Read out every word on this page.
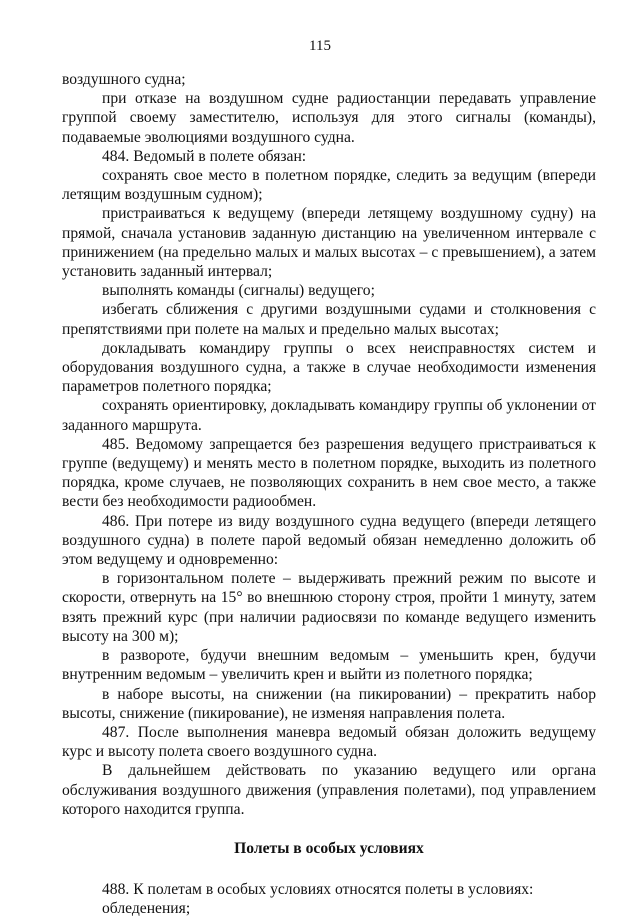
115

воздушного судна;

при отказе на воздушном судне радиостанции передавать управление группой своему заместителю, используя для этого сигналы (команды), подаваемые эволюциями воздушного судна.

484. Ведомый в полете обязан:

сохранять свое место в полетном порядке, следить за ведущим (впереди летящим воздушным судном);

пристраиваться к ведущему (впереди летящему воздушному судну) на прямой, сначала установив заданную дистанцию на увеличенном интервале с принижением (на предельно малых и малых высотах – с превышением), а затем установить заданный интервал;

выполнять команды (сигналы) ведущего;

избегать сближения с другими воздушными судами и столкновения с препятствиями при полете на малых и предельно малых высотах;

докладывать командиру группы о всех неисправностях систем и оборудования воздушного судна, а также в случае необходимости изменения параметров полетного порядка;

сохранять ориентировку, докладывать командиру группы об уклонении от заданного маршрута.

485. Ведомому запрещается без разрешения ведущего пристраиваться к группе (ведущему) и менять место в полетном порядке, выходить из полетного порядка, кроме случаев, не позволяющих сохранить в нем свое место, а также вести без необходимости радиообмен.

486. При потере из виду воздушного судна ведущего (впереди летящего воздушного судна) в полете парой ведомый обязан немедленно доложить об этом ведущему и одновременно:

в горизонтальном полете – выдерживать прежний режим по высоте и скорости, отвернуть на 15° во внешнюю сторону строя, пройти 1 минуту, затем взять прежний курс (при наличии радиосвязи по команде ведущего изменить высоту на 300 м);

в развороте, будучи внешним ведомым – уменьшить крен, будучи внутренним ведомым – увеличить крен и выйти из полетного порядка;

в наборе высоты, на снижении (на пикировании) – прекратить набор высоты, снижение (пикирование), не изменяя направления полета.

487. После выполнения маневра ведомый обязан доложить ведущему курс и высоту полета своего воздушного судна.

В дальнейшем действовать по указанию ведущего или органа обслуживания воздушного движения (управления полетами), под управлением которого находится группа.

Полеты в особых условиях

488. К полетам в особых условиях относятся полеты в условиях:

обледенения;
